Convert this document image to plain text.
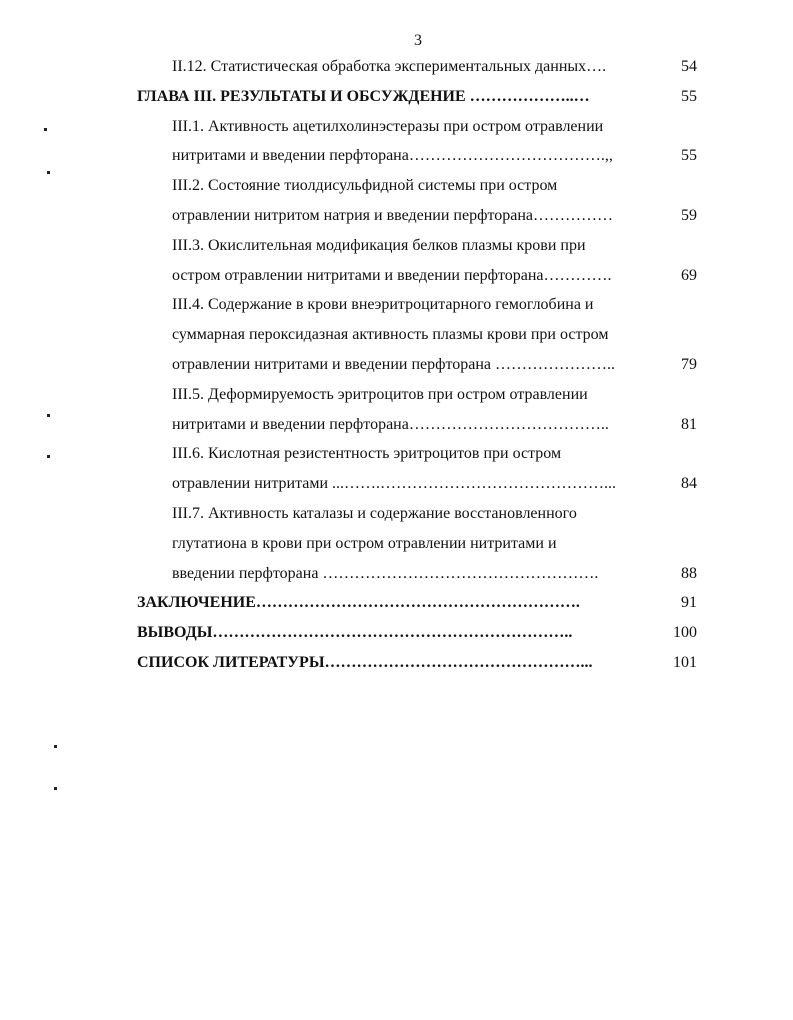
3
II.12. Статистическая обработка экспериментальных данных….	54
ГЛАВА III. РЕЗУЛЬТАТЫ И ОБСУЖДЕНИЕ ………………..…	55
III.1. Активность ацетилхолинэстеразы при остром отравлении
нитритами и введении перфторана……………………………….,,	55
III.2. Состояние тиолдисульфидной системы при остром
отравлении нитритом натрия и введении перфторана……………	59
III.3. Окислительная модификация белков плазмы крови при
остром отравлении нитритами и введении перфторана………….	69
III.4. Содержание в крови внеэритроцитарного гемоглобина и
суммарная пероксидазная активность плазмы крови при остром
отравлении нитритами и введении перфторана …………………..	79
III.5. Деформируемость эритроцитов при остром отравлении
нитритами и введении перфторана………………………………..	81
III.6. Кислотная резистентность эритроцитов при остром
отравлении нитритами ...…….……………………………………...	84
III.7. Активность каталазы и содержание восстановленного
глутатиона в крови при остром отравлении нитритами и
введении перфторана …………………………………………….	88
ЗАКЛЮЧЕНИЕ…………………………………………………….	91
ВЫВОДЫ…………………………………………………………..	100
СПИСОК ЛИТЕРАТУРЫ…………………………………………...	101
